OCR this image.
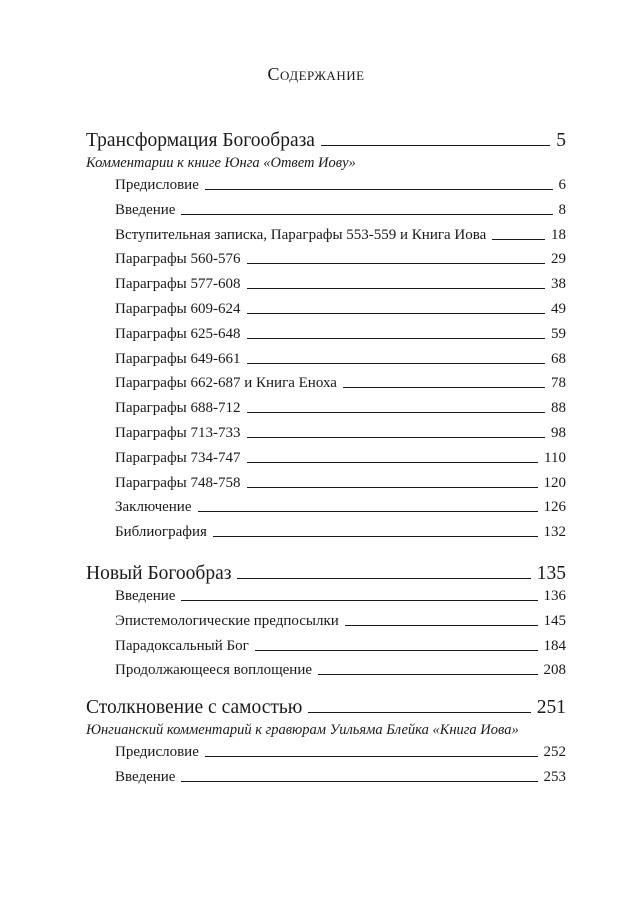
Содержание
Трансформация Богообраза	5
Комментарии к книге Юнга «Ответ Иову»
Предисловие	6
Введение	8
Вступительная записка, Параграфы 553-559 и Книга Иова	18
Параграфы 560-576	29
Параграфы 577-608	38
Параграфы 609-624	49
Параграфы 625-648	59
Параграфы 649-661	68
Параграфы 662-687 и Книга Еноха	78
Параграфы 688-712	88
Параграфы 713-733	98
Параграфы 734-747	110
Параграфы 748-758	120
Заключение	126
Библиография	132
Новый Богообраз	135
Введение	136
Эпистемологические предпосылки	145
Парадоксальный Бог	184
Продолжающееся воплощение	208
Столкновение с самостью	251
Юнгианский комментарий к гравюрам Уильяма Блейка «Книга Иова»
Предисловие	252
Введение	253
